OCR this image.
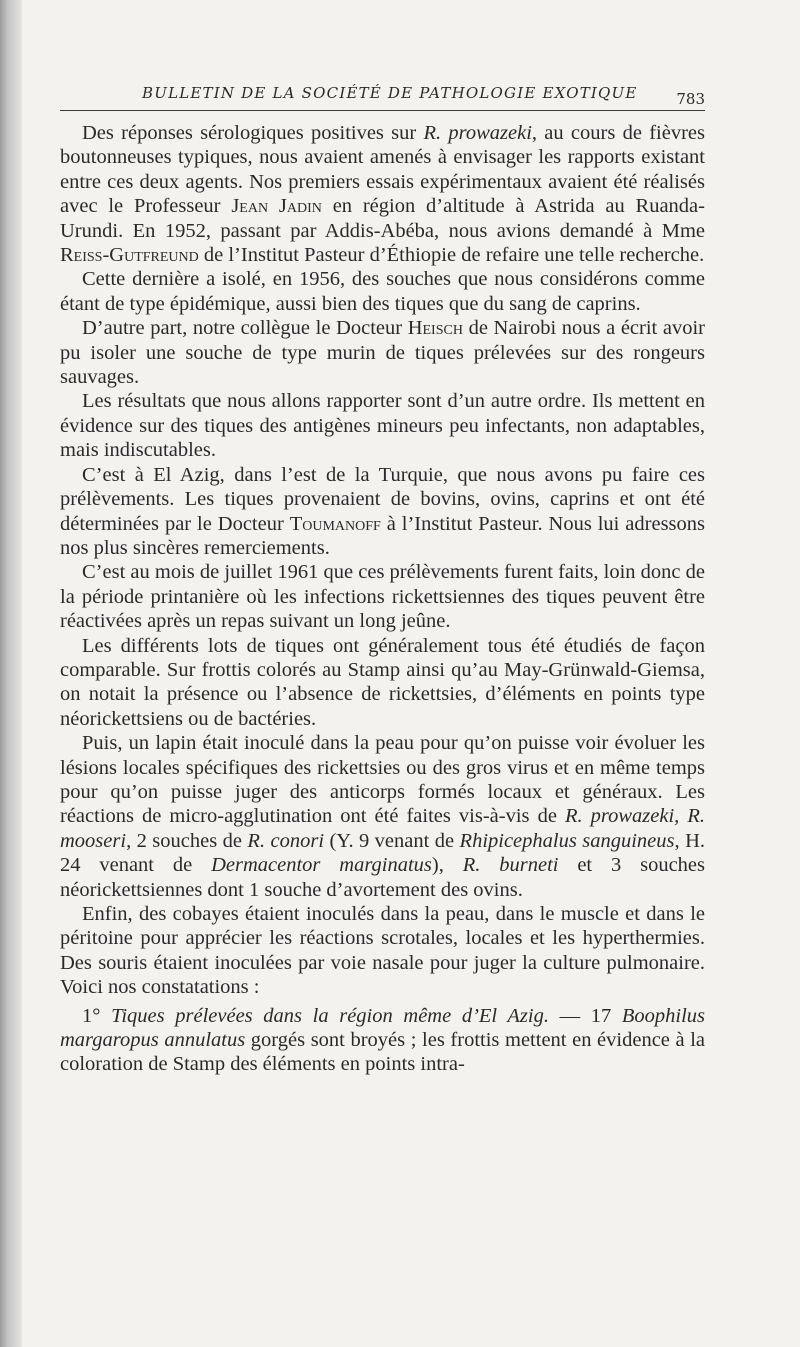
BULLETIN DE LA SOCIÉTÉ DE PATHOLOGIE EXOTIQUE	783

Des réponses sérologiques positives sur R. prowazeki, au cours de fièvres boutonneuses typiques, nous avaient amenés à envisager les rapports existant entre ces deux agents. Nos premiers essais expérimentaux avaient été réalisés avec le Professeur Jean Jadin en région d’altitude à Astrida au Ruanda-Urundi. En 1952, passant par Addis-Abéba, nous avions demandé à Mme Reiss-Gutfreund de l’Institut Pasteur d’Éthiopie de refaire une telle recherche.

Cette dernière a isolé, en 1956, des souches que nous considérons comme étant de type épidémique, aussi bien des tiques que du sang de caprins.

D’autre part, notre collègue le Docteur Heisch de Nairobi nous a écrit avoir pu isoler une souche de type murin de tiques prélevées sur des rongeurs sauvages.

Les résultats que nous allons rapporter sont d’un autre ordre. Ils mettent en évidence sur des tiques des antigènes mineurs peu infectants, non adaptables, mais indiscutables.

C’est à El Azig, dans l’est de la Turquie, que nous avons pu faire ces prélèvements. Les tiques provenaient de bovins, ovins, caprins et ont été déterminées par le Docteur Toumanoff à l’Institut Pasteur. Nous lui adressons nos plus sincères remerciements.

C’est au mois de juillet 1961 que ces prélèvements furent faits, loin donc de la période printanière où les infections rickettsiennes des tiques peuvent être réactivées après un repas suivant un long jeûne.

Les différents lots de tiques ont généralement tous été étudiés de façon comparable. Sur frottis colorés au Stamp ainsi qu’au May-Grünwald-Giemsa, on notait la présence ou l’absence de rickettsies, d’éléments en points type néorickettsiens ou de bactéries.

Puis, un lapin était inoculé dans la peau pour qu’on puisse voir évoluer les lésions locales spécifiques des rickettsies ou des gros virus et en même temps pour qu’on puisse juger des anticorps formés locaux et généraux. Les réactions de micro-agglutination ont été faites vis-à-vis de R. prowazeki, R. mooseri, 2 souches de R. conori (Y. 9 venant de Rhipicephalus sanguineus, H. 24 venant de Dermacentor marginatus), R. burneti et 3 souches néorickettsiennes dont 1 souche d’avortement des ovins.

Enfin, des cobayes étaient inoculés dans la peau, dans le muscle et dans le péritoine pour apprécier les réactions scrotales, locales et les hyperthermies. Des souris étaient inoculées par voie nasale pour juger la culture pulmonaire. Voici nos constatations :

1° Tiques prélevées dans la région même d’El Azig. — 17 Boophilus margaropus annulatus gorgés sont broyés ; les frottis mettent en évidence à la coloration de Stamp des éléments en points intra-
